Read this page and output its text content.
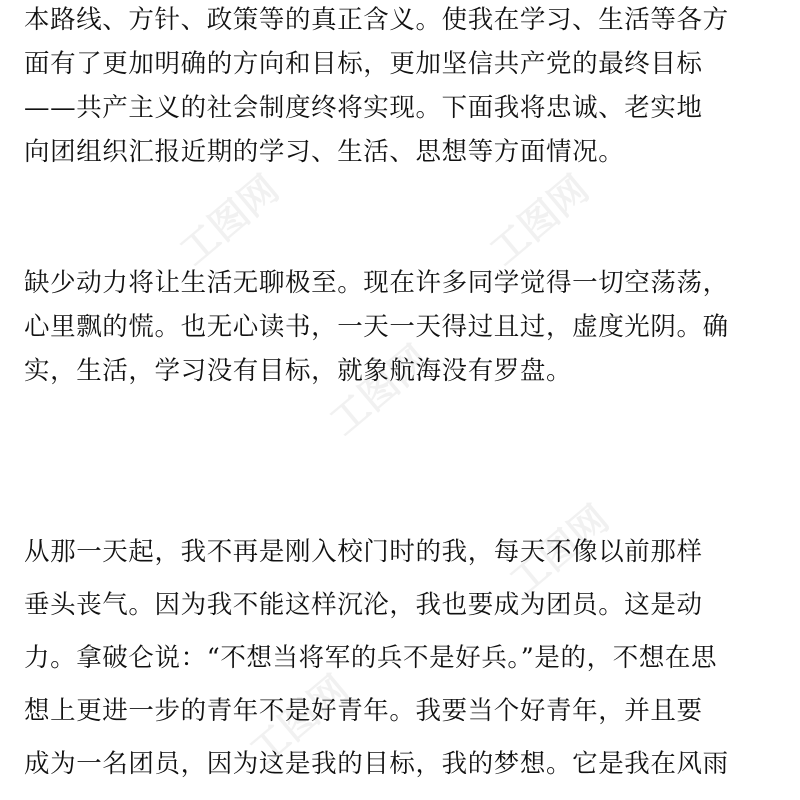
工图网	工图网
工图网
工图网
工图网
本路线、方针、政策等的真正含义。使我在学习、生活等各方
面有了更加明确的方向和目标，更加坚信共产党的最终目标
——共产主义的社会制度终将实现。下面我将忠诚、老实地
向团组织汇报近期的学习、生活、思想等方面情况。
缺少动力将让生活无聊极至。现在许多同学觉得一切空荡荡，
心里飘的慌。也无心读书，一天一天得过且过，虚度光阴。确
实，生活，学习没有目标，就象航海没有罗盘。
从那一天起，我不再是刚入校门时的我，每天不像以前那样
垂头丧气。因为我不能这样沉沦，我也要成为团员。这是动
力。拿破仑说：“不想当将军的兵不是好兵。”是的，不想在思
想上更进一步的青年不是好青年。我要当个好青年，并且要
成为一名团员，因为这是我的目标，我的梦想。它是我在风雨
